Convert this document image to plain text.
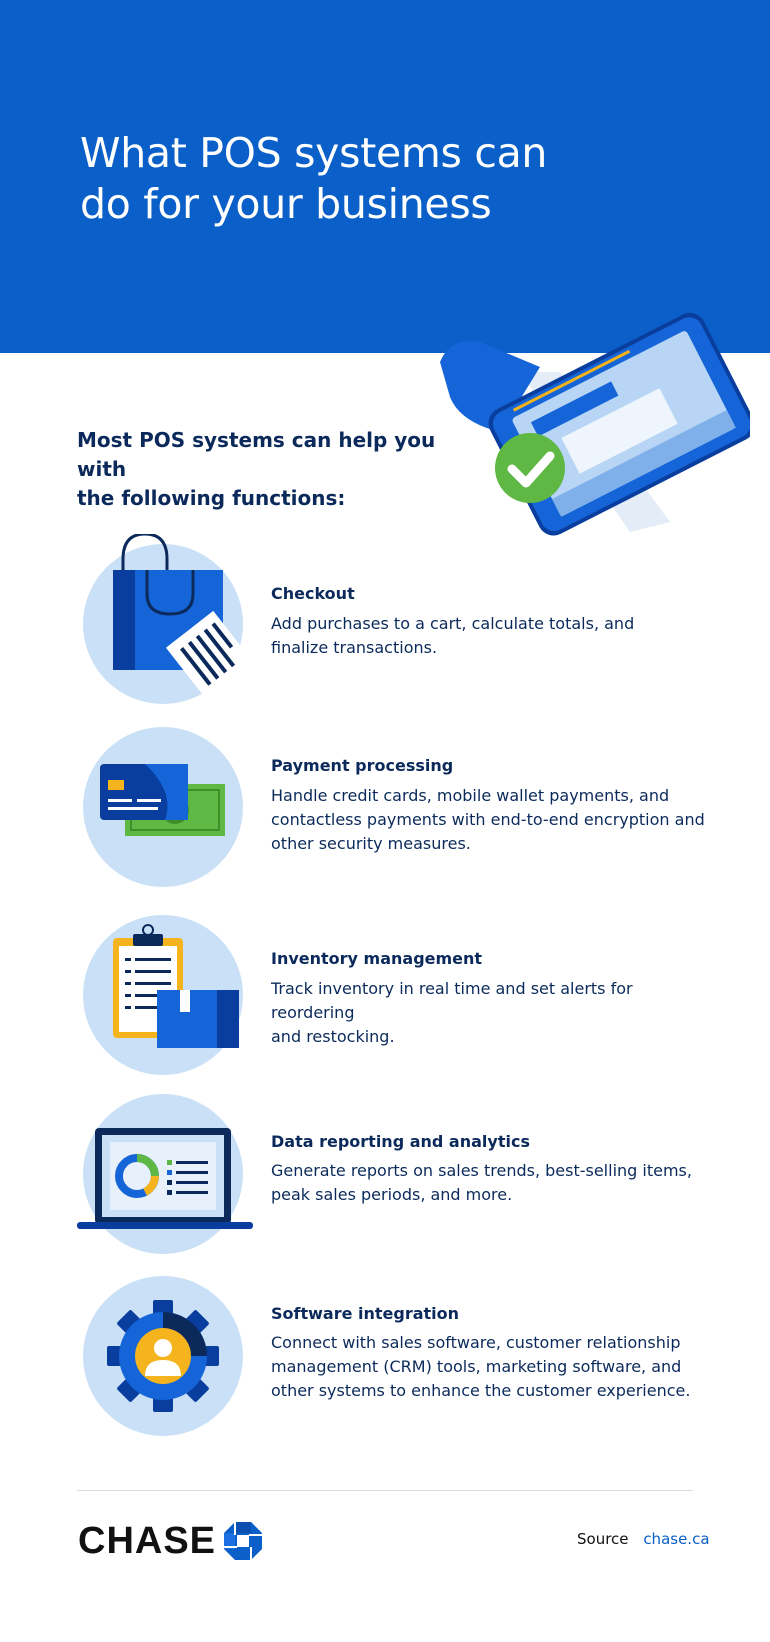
What POS systems can
do for your business

Most POS systems can help you with
the following functions:

Checkout
Add purchases to a cart, calculate totals, and
finalize transactions.
Payment processing
Handle credit cards, mobile wallet payments, and
contactless payments with end-to-end encryption and
other security measures.
Inventory management
Track inventory in real time and set alerts for reordering
and restocking.
Data reporting and analytics
Generate reports on sales trends, best-selling items,
peak sales periods, and more.
Software integration
Connect with sales software, customer relationship
management (CRM) tools, marketing software, and
other systems to enhance the customer experience.
CHASE	Source chase.ca
